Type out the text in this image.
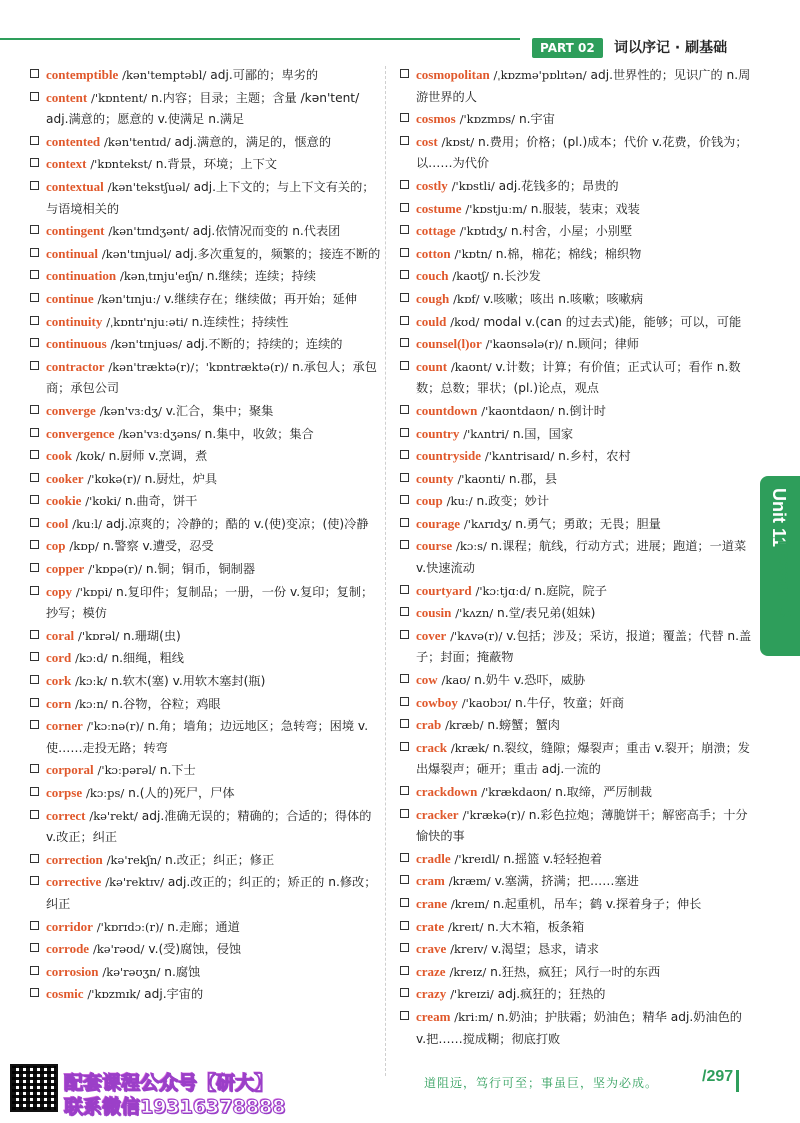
PART 02	词以序记 · 刷基础
contemptible /kən'temptəbl/ adj.可鄙的；卑劣的
content /'kɒntent/ n.内容；目录；主题；含量 /kən'tent/ adj.满意的；愿意的 v.使满足 n.满足
contented /kən'tentɪd/ adj.满意的，满足的，惬意的
context /'kɒntekst/ n.背景，环境；上下文
contextual /kən'tekstʃuəl/ adj.上下文的；与上下文有关的；与语境相关的
contingent /kən'tɪndʒənt/ adj.依情况而变的 n.代表团
continual /kən'tɪnjuəl/ adj.多次重复的，频繁的；接连不断的
continuation /kənˌtɪnju'eɪʃn/ n.继续；连续；持续
continue /kən'tɪnjuː/ v.继续存在；继续做；再开始；延伸
continuity /ˌkɒntɪ'njuːəti/ n.连续性；持续性
continuous /kən'tɪnjuəs/ adj.不断的；持续的；连续的
contractor /kən'træktə(r)/；'kɒntræktə(r)/ n.承包人；承包商；承包公司
converge /kən'vɜːdʒ/ v.汇合，集中；聚集
convergence /kən'vɜːdʒəns/ n.集中，收敛；集合
cook /kʊk/ n.厨师 v.烹调，煮
cooker /'kʊkə(r)/ n.厨灶，炉具
cookie /'kʊki/ n.曲奇，饼干
cool /kuːl/ adj.凉爽的；冷静的；酷的 v.(使)变凉；(使)冷静
cop /kɒp/ n.警察 v.遭受，忍受
copper /'kɒpə(r)/ n.铜；铜币，铜制器
copy /'kɒpi/ n.复印件；复制品；一册，一份 v.复印；复制；抄写；模仿
coral /'kɒrəl/ n.珊瑚(虫)
cord /kɔːd/ n.细绳，粗线
cork /kɔːk/ n.软木(塞) v.用软木塞封(瓶)
corn /kɔːn/ n.谷物，谷粒；鸡眼
corner /'kɔːnə(r)/ n.角；墙角；边远地区；急转弯；困境 v.使……走投无路；转弯
corporal /'kɔːpərəl/ n.下士
corpse /kɔːps/ n.(人的)死尸，尸体
correct /kə'rekt/ adj.准确无误的；精确的；合适的；得体的 v.改正；纠正
correction /kə'rekʃn/ n.改正；纠正；修正
corrective /kə'rektɪv/ adj.改正的；纠正的；矫正的 n.修改；纠正
corridor /'kɒrɪdɔː(r)/ n.走廊；通道
corrode /kə'rəʊd/ v.(受)腐蚀，侵蚀
corrosion /kə'rəʊʒn/ n.腐蚀
cosmic /'kɒzmɪk/ adj.宇宙的
cosmopolitan /ˌkɒzmə'pɒlɪtən/ adj.世界性的；见识广的 n.周游世界的人
cosmos /'kɒzmɒs/ n.宇宙
cost /kɒst/ n.费用；价格；(pl.)成本；代价 v.花费，价钱为；以……为代价
costly /'kɒstli/ adj.花钱多的；昂贵的
costume /'kɒstjuːm/ n.服装，装束；戏装
cottage /'kɒtɪdʒ/ n.村舍，小屋；小别墅
cotton /'kɒtn/ n.棉，棉花；棉线；棉织物
couch /kaʊtʃ/ n.长沙发
cough /kɒf/ v.咳嗽；咳出 n.咳嗽；咳嗽病
could /kʊd/ modal v.(can 的过去式)能，能够；可以，可能
counsel(l)or /'kaʊnsələ(r)/ n.顾问；律师
count /kaʊnt/ v.计数；计算；有价值；正式认可；看作 n.数数；总数；罪状；(pl.)论点，观点
countdown /'kaʊntdaʊn/ n.倒计时
country /'kʌntri/ n.国，国家
countryside /'kʌntrisaɪd/ n.乡村，农村
county /'kaʊnti/ n.郡，县
coup /kuː/ n.政变；妙计
courage /'kʌrɪdʒ/ n.勇气；勇敢；无畏；胆量
course /kɔːs/ n.课程；航线，行动方式；进展；跑道；一道菜 v.快速流动
courtyard /'kɔːtjɑːd/ n.庭院，院子
cousin /'kʌzn/ n.堂/表兄弟(姐妹)
cover /'kʌvə(r)/ v.包括；涉及；采访，报道；覆盖；代替 n.盖子；封面；掩蔽物
cow /kaʊ/ n.奶牛 v.恐吓，威胁
cowboy /'kaʊbɔɪ/ n.牛仔，牧童；奸商
crab /kræb/ n.螃蟹；蟹肉
crack /kræk/ n.裂纹，缝隙；爆裂声；重击 v.裂开；崩溃；发出爆裂声；砸开；重击 adj.一流的
crackdown /'krækdaʊn/ n.取缔，严厉制裁
cracker /'krækə(r)/ n.彩色拉炮；薄脆饼干；解密高手；十分愉快的事
cradle /'kreɪdl/ n.摇篮 v.轻轻抱着
cram /kræm/ v.塞满，挤满；把……塞进
crane /kreɪn/ n.起重机，吊车；鹤 v.探着身子；伸长
crate /kreɪt/ n.大木箱，板条箱
crave /kreɪv/ v.渴望；恳求，请求
craze /kreɪz/ n.狂热，疯狂；风行一时的东西
crazy /'kreɪzi/ adj.疯狂的；狂热的
cream /kriːm/ n.奶油；护肤霜；奶油色；精华 adj.奶油色的 v.把……搅成糊；彻底打败
Unit 11
Lesson 3
配套课程公众号【研大】
联系微信19316378888
道阻远，笃行可至；事虽巨，坚为必成。	/297
